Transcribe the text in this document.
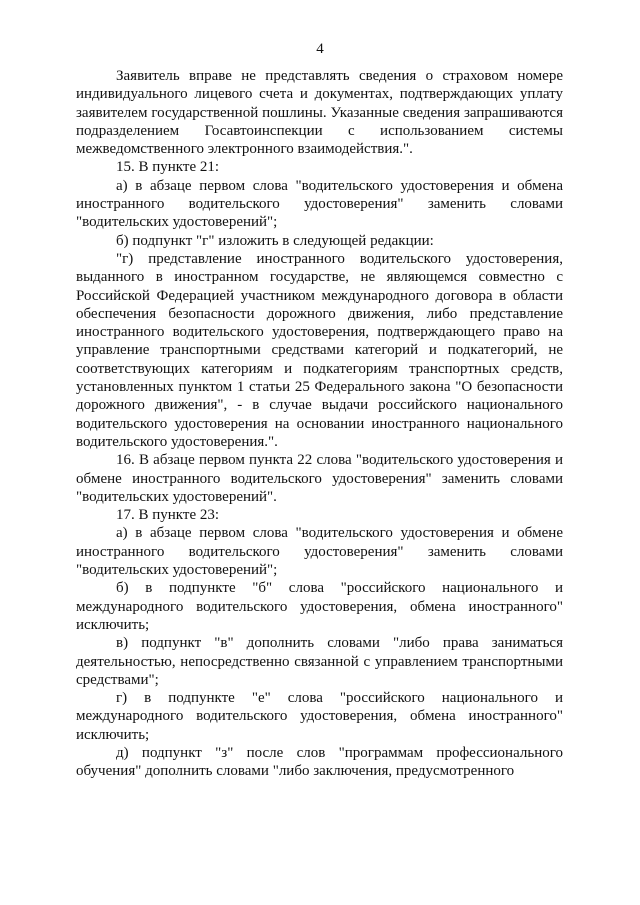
4

Заявитель вправе не представлять сведения о страховом номере индивидуального лицевого счета и документах, подтверждающих уплату заявителем государственной пошлины. Указанные сведения запрашиваются подразделением Госавтоинспекции с использованием системы межведомственного электронного взаимодействия.".

15. В пункте 21:

а) в абзаце первом слова "водительского удостоверения и обмена иностранного водительского удостоверения" заменить словами "водительских удостоверений";

б) подпункт "г" изложить в следующей редакции:

"г) представление иностранного водительского удостоверения, выданного в иностранном государстве, не являющемся совместно с Российской Федерацией участником международного договора в области обеспечения безопасности дорожного движения, либо представление иностранного водительского удостоверения, подтверждающего право на управление транспортными средствами категорий и подкатегорий, не соответствующих категориям и подкатегориям транспортных средств, установленных пунктом 1 статьи 25 Федерального закона "О безопасности дорожного движения", - в случае выдачи российского национального водительского удостоверения на основании иностранного национального водительского удостоверения.".

16. В абзаце первом пункта 22 слова "водительского удостоверения и обмене иностранного водительского удостоверения" заменить словами "водительских удостоверений".

17. В пункте 23:

а) в абзаце первом слова "водительского удостоверения и обмене иностранного водительского удостоверения" заменить словами "водительских удостоверений";

б) в подпункте "б" слова "российского национального и международного водительского удостоверения, обмена иностранного" исключить;

в) подпункт "в" дополнить словами "либо права заниматься деятельностью, непосредственно связанной с управлением транспортными средствами";

г) в подпункте "е" слова "российского национального и международного водительского удостоверения, обмена иностранного" исключить;

д) подпункт "з" после слов "программам профессионального обучения" дополнить словами "либо заключения, предусмотренного
